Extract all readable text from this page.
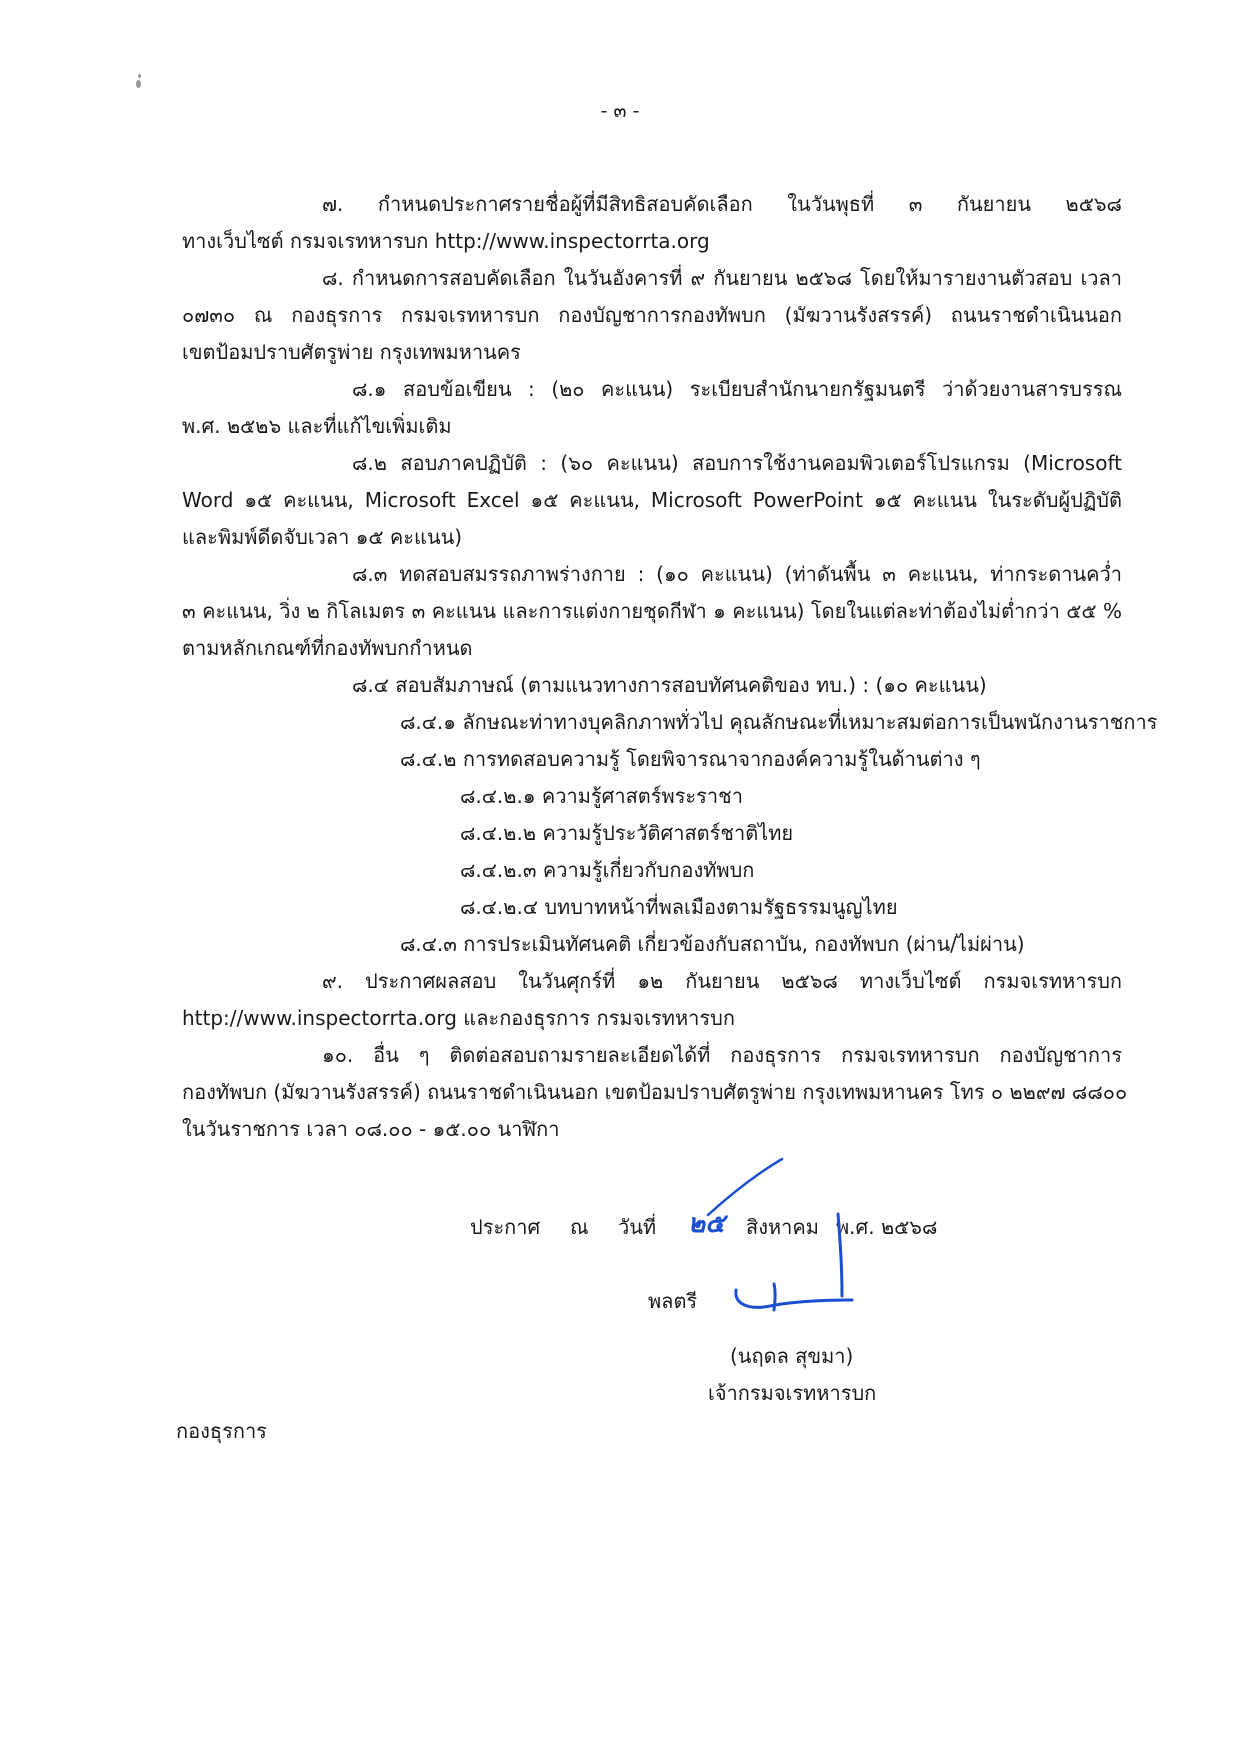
- ๓ -
๗. กำหนดประกาศรายชื่อผู้ที่มีสิทธิสอบคัดเลือก ในวันพุธที่ ๓ กันยายน ๒๕๖๘
ทางเว็บไซต์ กรมจเรทหารบก http://www.inspectorrta.org
๘. กำหนดการสอบคัดเลือก ในวันอังคารที่ ๙ กันยายน ๒๕๖๘ โดยให้มารายงานตัวสอบ เวลา
๐๗๓๐ ณ กองธุรการ กรมจเรทหารบก กองบัญชาการกองทัพบก (มัฆวานรังสรรค์) ถนนราชดำเนินนอก
เขตป้อมปราบศัตรูพ่าย กรุงเทพมหานคร
๘.๑ สอบข้อเขียน : (๒๐ คะแนน) ระเบียบสำนักนายกรัฐมนตรี ว่าด้วยงานสารบรรณ
พ.ศ. ๒๕๒๖ และที่แก้ไขเพิ่มเติม
๘.๒ สอบภาคปฏิบัติ : (๖๐ คะแนน) สอบการใช้งานคอมพิวเตอร์โปรแกรม (Microsoft
Word ๑๕ คะแนน, Microsoft Excel ๑๕ คะแนน, Microsoft PowerPoint ๑๕ คะแนน ในระดับผู้ปฏิบัติ
และพิมพ์ดีดจับเวลา ๑๕ คะแนน)
๘.๓ ทดสอบสมรรถภาพร่างกาย : (๑๐ คะแนน) (ท่าดันพื้น ๓ คะแนน, ท่ากระดานควํ่า
๓ คะแนน, วิ่ง ๒ กิโลเมตร ๓ คะแนน และการแต่งกายชุดกีฬา ๑ คะแนน) โดยในแต่ละท่าต้องไม่ต่ำกว่า ๕๕ %
ตามหลักเกณฑ์ที่กองทัพบกกำหนด
๘.๔ สอบสัมภาษณ์ (ตามแนวทางการสอบทัศนคติของ ทบ.) : (๑๐ คะแนน)
๘.๔.๑ ลักษณะท่าทางบุคลิกภาพทั่วไป คุณลักษณะที่เหมาะสมต่อการเป็นพนักงานราชการ
๘.๔.๒ การทดสอบความรู้ โดยพิจารณาจากองค์ความรู้ในด้านต่าง ๆ
๘.๔.๒.๑ ความรู้ศาสตร์พระราชา
๘.๔.๒.๒ ความรู้ประวัติศาสตร์ชาติไทย
๘.๔.๒.๓ ความรู้เกี่ยวกับกองทัพบก
๘.๔.๒.๔ บทบาทหน้าที่พลเมืองตามรัฐธรรมนูญไทย
๘.๔.๓ การประเมินทัศนคติ เกี่ยวข้องกับสถาบัน, กองทัพบก (ผ่าน/ไม่ผ่าน)
๙. ประกาศผลสอบ ในวันศุกร์ที่ ๑๒ กันยายน ๒๕๖๘ ทางเว็บไซต์ กรมจเรทหารบก
http://www.inspectorrta.org และกองธุรการ กรมจเรทหารบก
๑๐. อื่น ๆ ติดต่อสอบถามรายละเอียดได้ที่ กองธุรการ กรมจเรทหารบก กองบัญชาการ
กองทัพบก (มัฆวานรังสรรค์) ถนนราชดำเนินนอก เขตป้อมปราบศัตรูพ่าย กรุงเทพมหานคร โทร ๐ ๒๒๙๗ ๘๘๐๐
ในวันราชการ เวลา ๐๘.๐๐ - ๑๕.๐๐ นาฬิกา
ประกาศ ณ วันที่ ๒๕ สิงหาคม พ.ศ. ๒๕๖๘
พลตรี
(นฤดล สุขมา)
เจ้ากรมจเรทหารบก
กองธุรการ
